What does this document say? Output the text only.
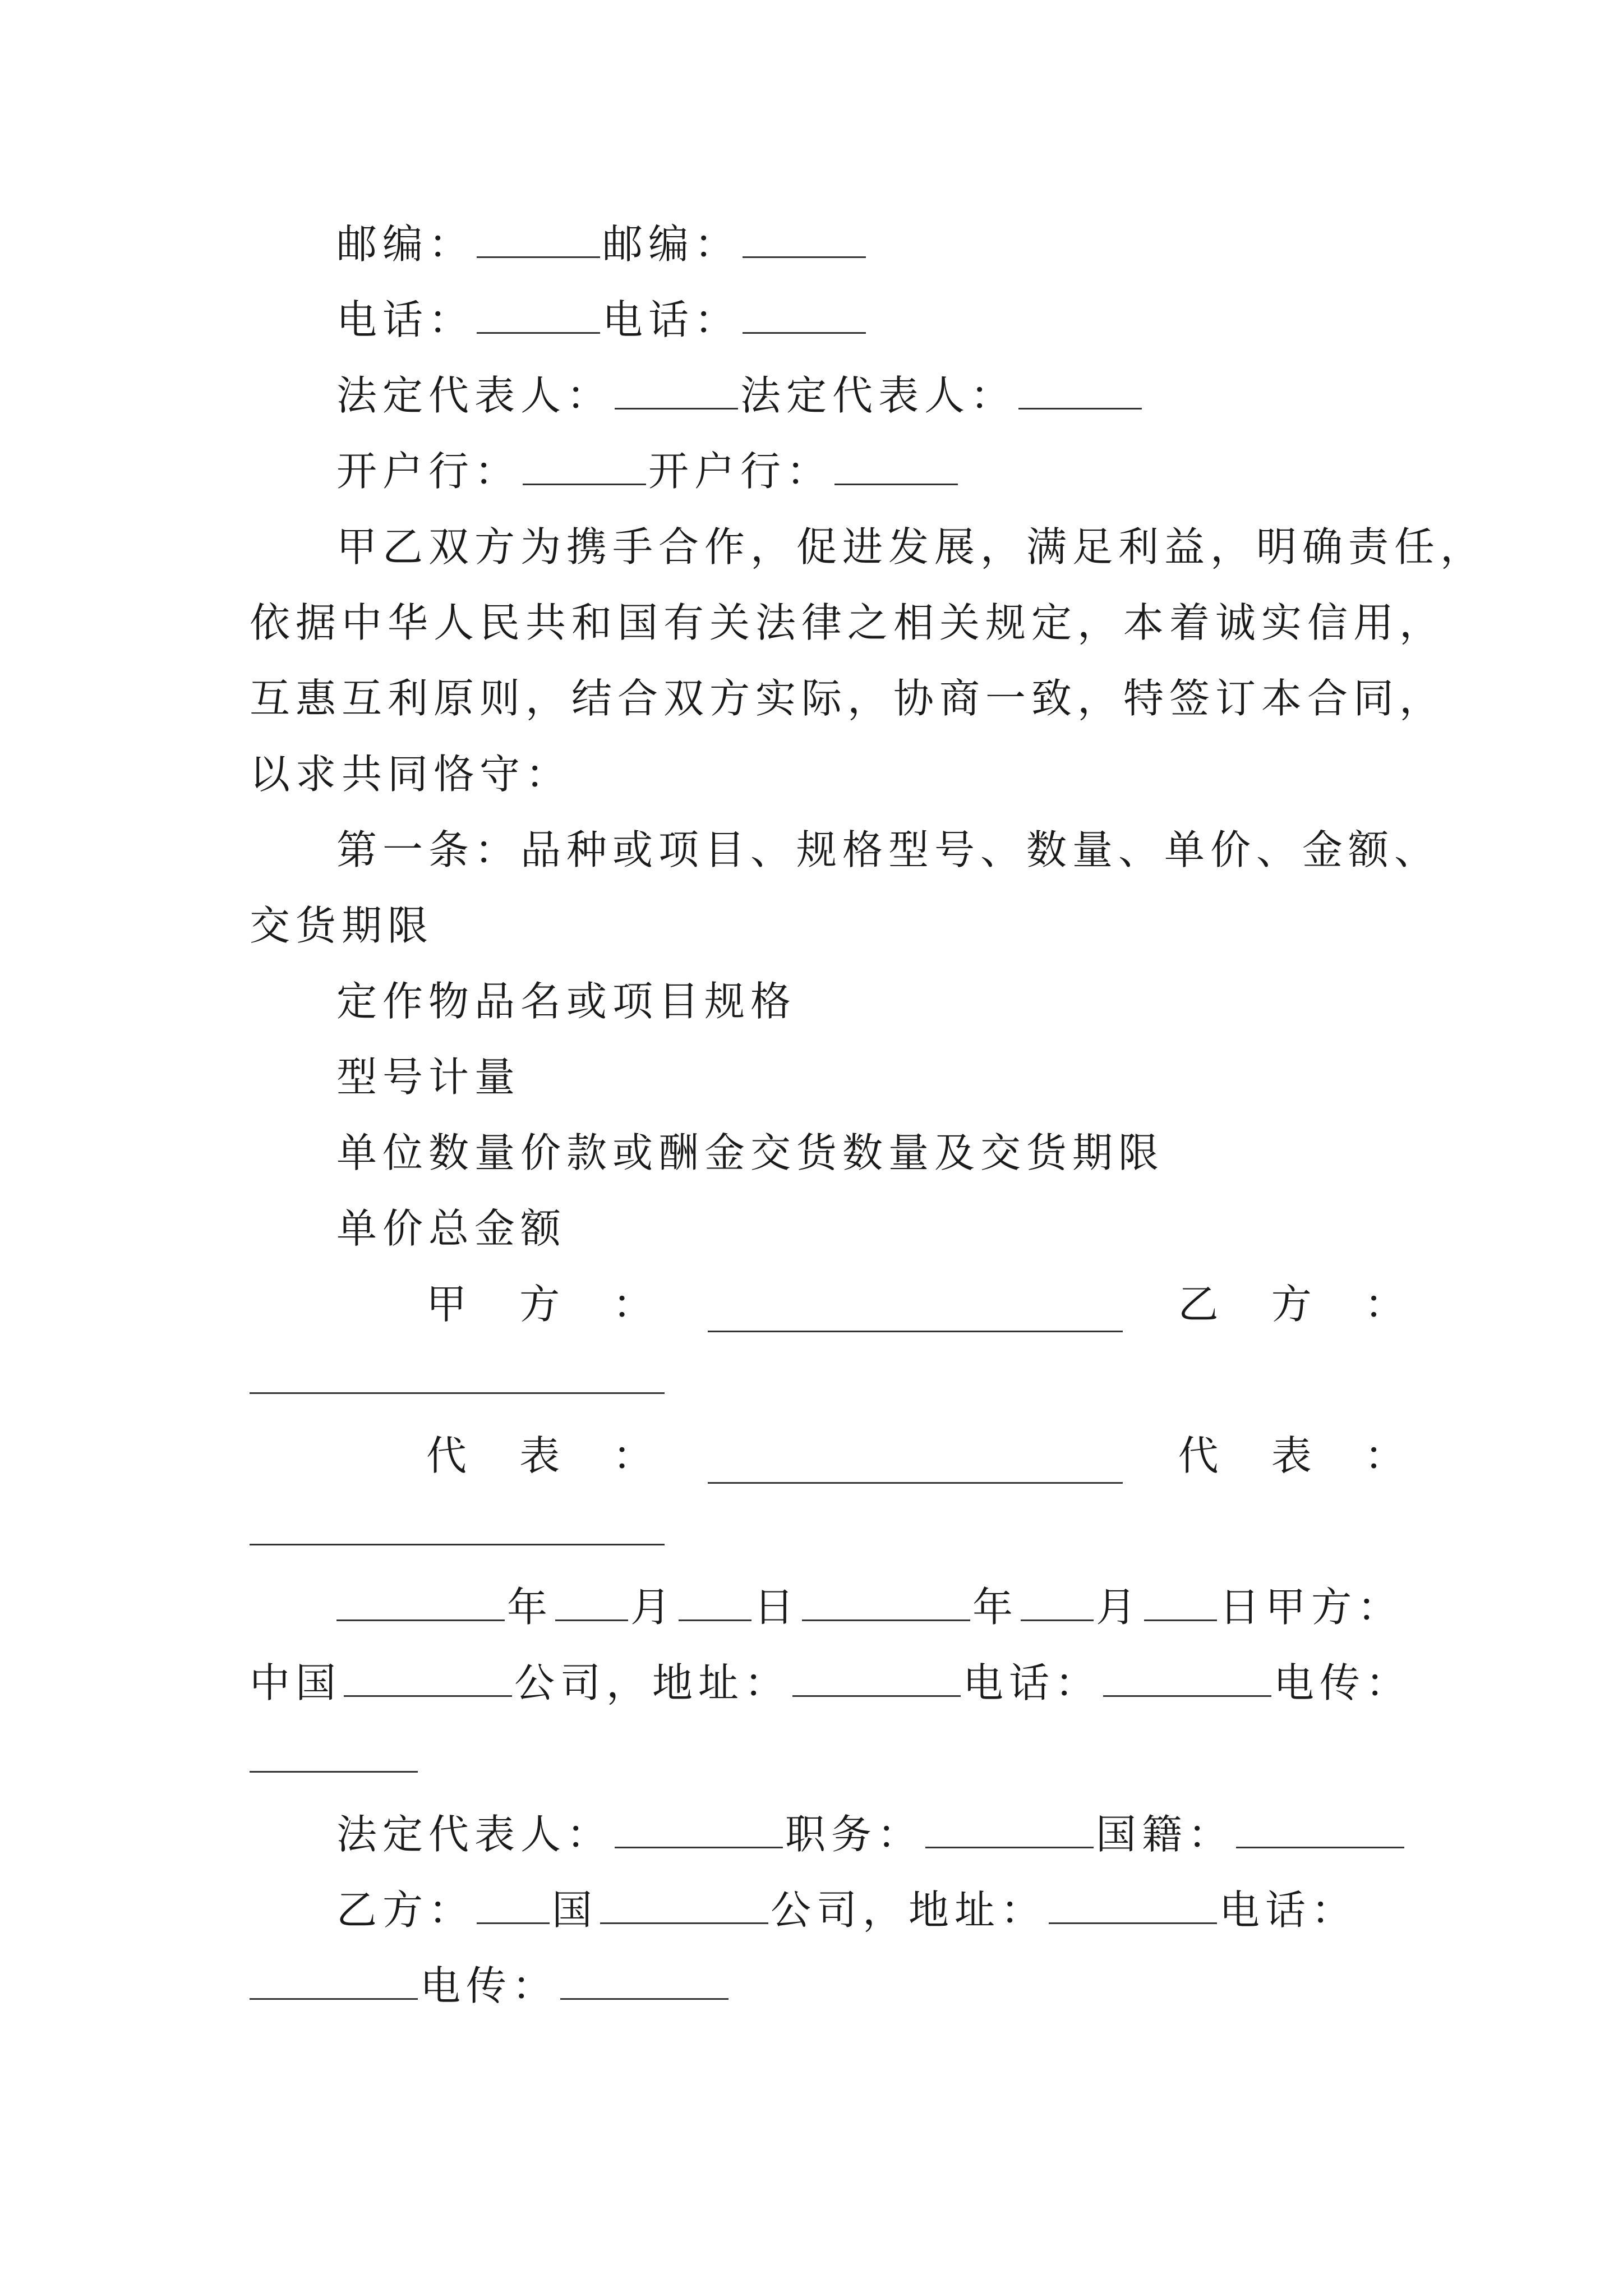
邮编：	邮编：
电话：	电话：
法定代表人：	法定代表人：
开户行：	开户行：
甲乙双方为携手合作，促进发展，满足利益，明确责任，
依据中华人民共和国有关法律之相关规定，本着诚实信用，
互惠互利原则，结合双方实际，协商一致，特签订本合同，
以求共同恪守：
第一条：品种或项目、规格型号、数量、单价、金额、
交货期限
定作物品名或项目规格
型号计量
单位数量价款或酬金交货数量及交货期限
单价总金额
甲 方 ：	乙 方 ：
代 表 ：	代 表 ：
年 月 日	年 月 日甲方：
中国	公司，地址：	电话：	电传：
法定代表人：	职务：	国籍：
乙方： 国	公司，地址：	电话：
电传：
